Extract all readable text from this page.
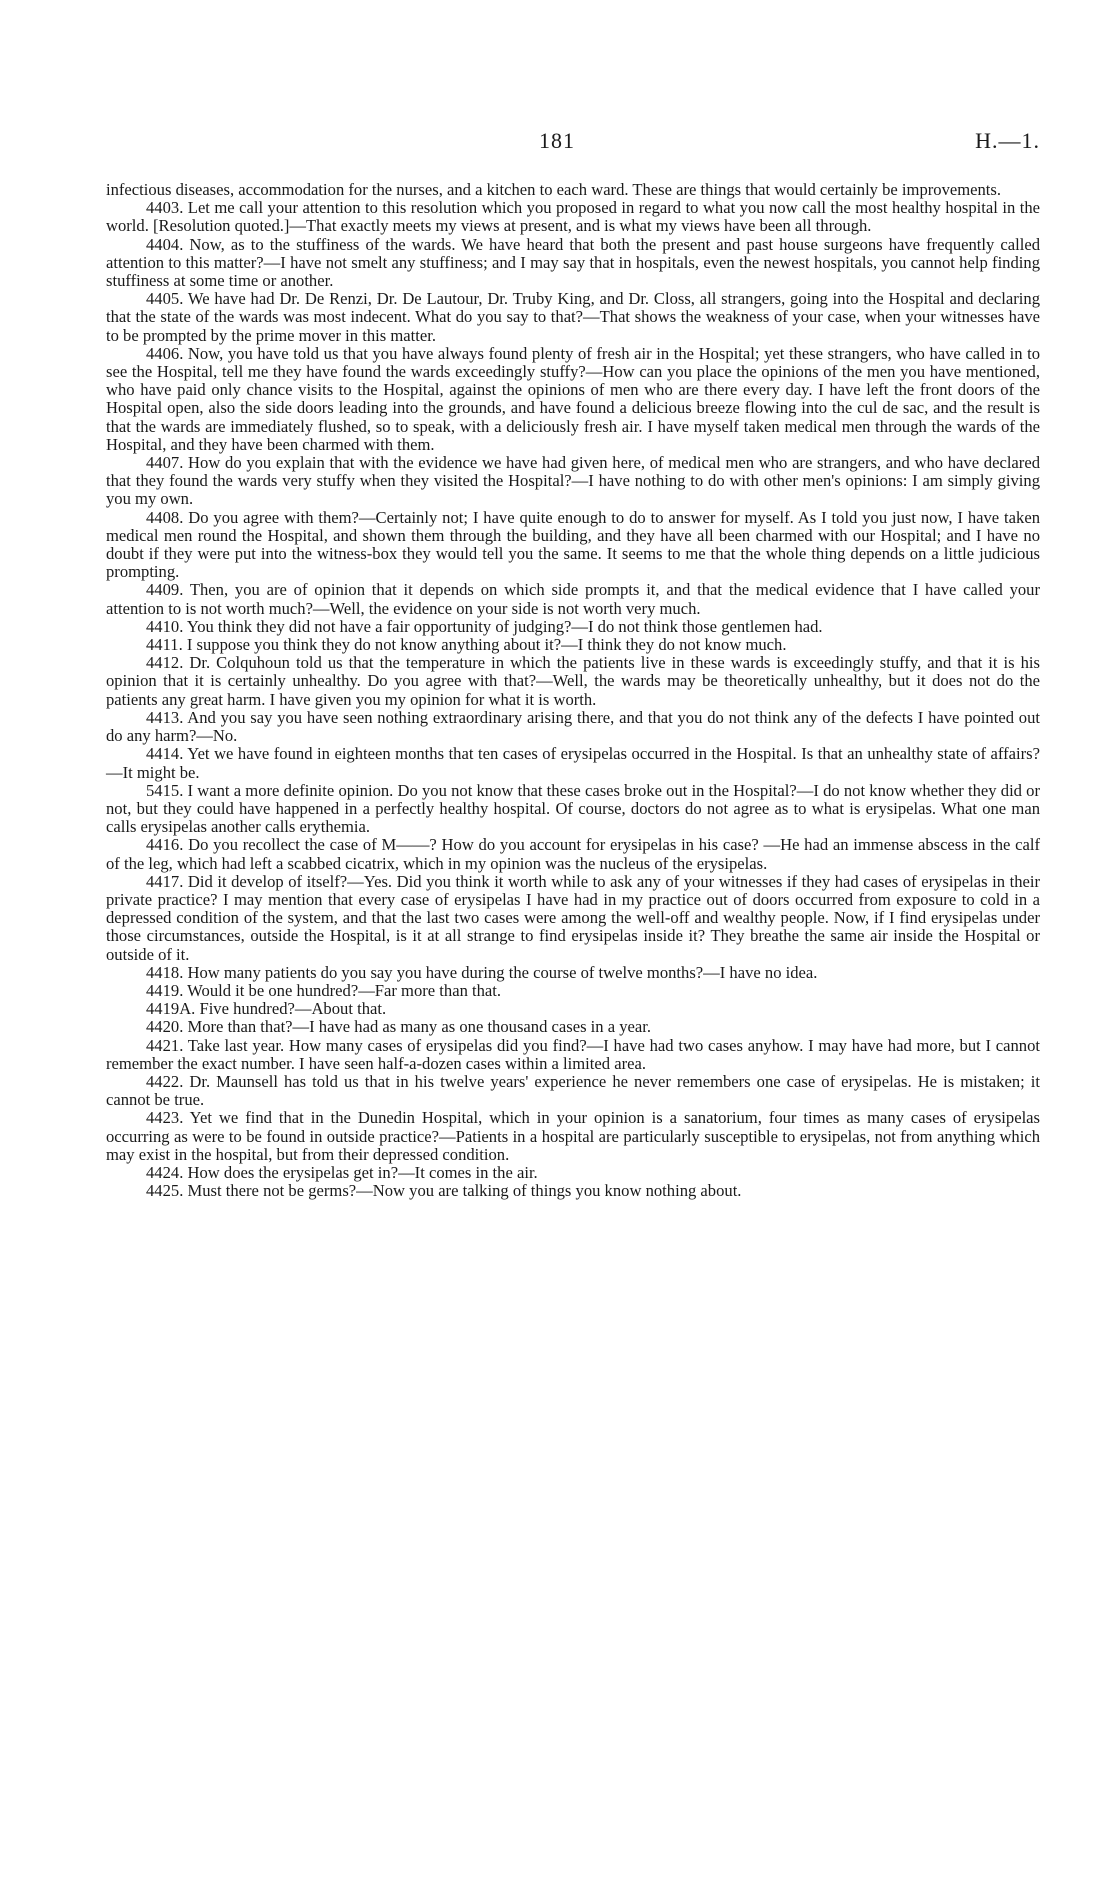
181	H.—1.

infectious diseases, accommodation for the nurses, and a kitchen to each ward. These are things that would certainly be improvements.

4403. Let me call your attention to this resolution which you proposed in regard to what you now call the most healthy hospital in the world. [Resolution quoted.]—That exactly meets my views at present, and is what my views have been all through.

4404. Now, as to the stuffiness of the wards. We have heard that both the present and past house surgeons have frequently called attention to this matter?—I have not smelt any stuffiness; and I may say that in hospitals, even the newest hospitals, you cannot help finding stuffiness at some time or another.

4405. We have had Dr. De Renzi, Dr. De Lautour, Dr. Truby King, and Dr. Closs, all strangers, going into the Hospital and declaring that the state of the wards was most indecent. What do you say to that?—That shows the weakness of your case, when your witnesses have to be prompted by the prime mover in this matter.

4406. Now, you have told us that you have always found plenty of fresh air in the Hospital; yet these strangers, who have called in to see the Hospital, tell me they have found the wards exceedingly stuffy?—How can you place the opinions of the men you have mentioned, who have paid only chance visits to the Hospital, against the opinions of men who are there every day. I have left the front doors of the Hospital open, also the side doors leading into the grounds, and have found a delicious breeze flowing into the cul de sac, and the result is that the wards are immediately flushed, so to speak, with a deliciously fresh air. I have myself taken medical men through the wards of the Hospital, and they have been charmed with them.

4407. How do you explain that with the evidence we have had given here, of medical men who are strangers, and who have declared that they found the wards very stuffy when they visited the Hospital?—I have nothing to do with other men's opinions: I am simply giving you my own.

4408. Do you agree with them?—Certainly not; I have quite enough to do to answer for myself. As I told you just now, I have taken medical men round the Hospital, and shown them through the building, and they have all been charmed with our Hospital; and I have no doubt if they were put into the witness-box they would tell you the same. It seems to me that the whole thing depends on a little judicious prompting.

4409. Then, you are of opinion that it depends on which side prompts it, and that the medical evidence that I have called your attention to is not worth much?—Well, the evidence on your side is not worth very much.

4410. You think they did not have a fair opportunity of judging?—I do not think those gentlemen had.

4411. I suppose you think they do not know anything about it?—I think they do not know much.

4412. Dr. Colquhoun told us that the temperature in which the patients live in these wards is exceedingly stuffy, and that it is his opinion that it is certainly unhealthy. Do you agree with that?—Well, the wards may be theoretically unhealthy, but it does not do the patients any great harm. I have given you my opinion for what it is worth.

4413. And you say you have seen nothing extraordinary arising there, and that you do not think any of the defects I have pointed out do any harm?—No.

4414. Yet we have found in eighteen months that ten cases of erysipelas occurred in the Hospital. Is that an unhealthy state of affairs?—It might be.

5415. I want a more definite opinion. Do you not know that these cases broke out in the Hospital?—I do not know whether they did or not, but they could have happened in a perfectly healthy hospital. Of course, doctors do not agree as to what is erysipelas. What one man calls erysipelas another calls erythemia.

4416. Do you recollect the case of M——? How do you account for erysipelas in his case? —He had an immense abscess in the calf of the leg, which had left a scabbed cicatrix, which in my opinion was the nucleus of the erysipelas.

4417. Did it develop of itself?—Yes. Did you think it worth while to ask any of your witnesses if they had cases of erysipelas in their private practice? I may mention that every case of erysipelas I have had in my practice out of doors occurred from exposure to cold in a depressed condition of the system, and that the last two cases were among the well-off and wealthy people. Now, if I find erysipelas under those circumstances, outside the Hospital, is it at all strange to find erysipelas inside it? They breathe the same air inside the Hospital or outside of it.

4418. How many patients do you say you have during the course of twelve months?—I have no idea.

4419. Would it be one hundred?—Far more than that.

4419A. Five hundred?—About that.

4420. More than that?—I have had as many as one thousand cases in a year.

4421. Take last year. How many cases of erysipelas did you find?—I have had two cases anyhow. I may have had more, but I cannot remember the exact number. I have seen half-a-dozen cases within a limited area.

4422. Dr. Maunsell has told us that in his twelve years' experience he never remembers one case of erysipelas. He is mistaken; it cannot be true.

4423. Yet we find that in the Dunedin Hospital, which in your opinion is a sanatorium, four times as many cases of erysipelas occurring as were to be found in outside practice?—Patients in a hospital are particularly susceptible to erysipelas, not from anything which may exist in the hospital, but from their depressed condition.

4424. How does the erysipelas get in?—It comes in the air.

4425. Must there not be germs?—Now you are talking of things you know nothing about.
